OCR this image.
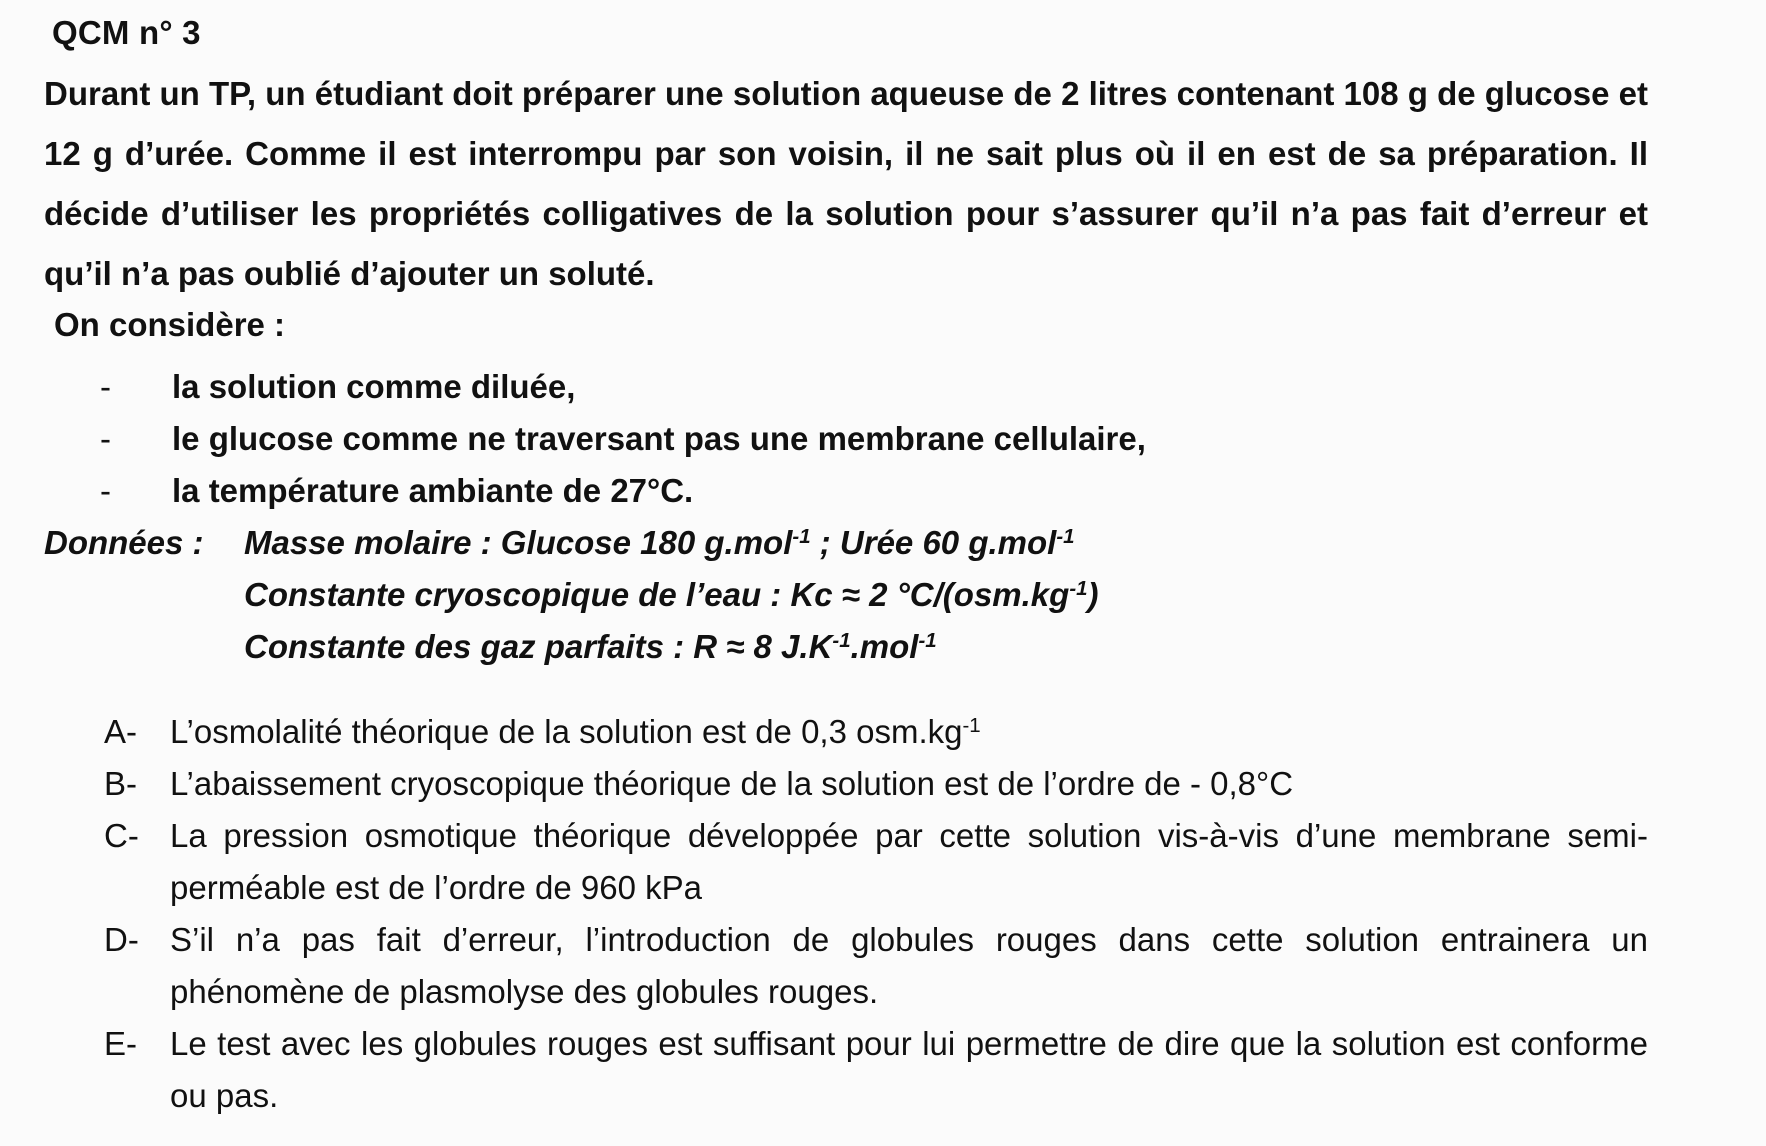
QCM n° 3
Durant un TP, un étudiant doit préparer une solution aqueuse de 2 litres contenant 108 g de glucose et 12 g d’urée. Comme il est interrompu par son voisin, il ne sait plus où il en est de sa préparation. Il décide d’utiliser les propriétés colligatives de la solution pour s’assurer qu’il n’a pas fait d’erreur et qu’il n’a pas oublié d’ajouter un soluté.
On considère :
-	la solution comme diluée,
-	le glucose comme ne traversant pas une membrane cellulaire,
-	la température ambiante de 27°C.
Données : Masse molaire : Glucose 180 g.mol$^{-1}$ ; Urée 60 g.mol$^{-1}$
Constante cryoscopique de l’eau : Kc ≈ 2 $^\circ C/(osm.kg^{-1})$
Constante des gaz parfaits : R ≈ 8 $J.K^{-1}.mol^{-1}$
A-	L’osmolalité théorique de la solution est de 0,3 $osm.kg^{-1}$
B-	L’abaissement cryoscopique théorique de la solution est de l’ordre de - 0,8°C
C- La pression osmotique théorique développée par cette solution vis-à-vis d’une membrane semi-perméable est de l’ordre de 960 kPa
D- S’il n’a pas fait d’erreur, l’introduction de globules rouges dans cette solution entrainera un phénomène de plasmolyse des globules rouges.
E-	Le test avec les globules rouges est suffisant pour lui permettre de dire que la solution est conforme ou pas.
